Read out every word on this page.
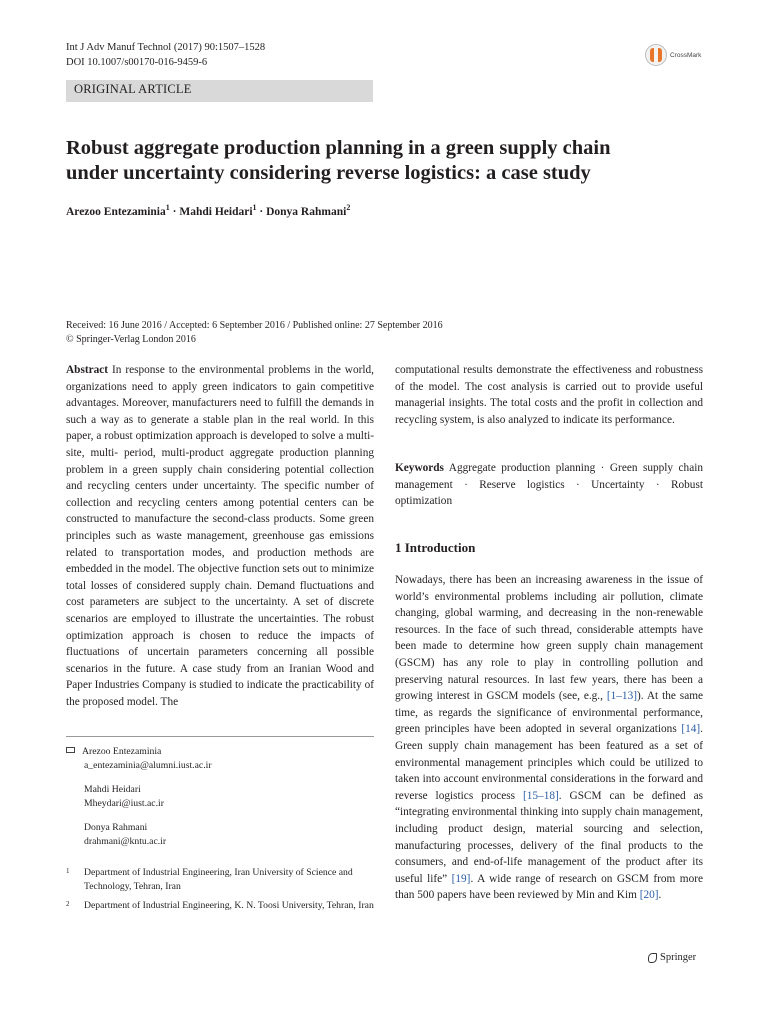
Int J Adv Manuf Technol (2017) 90:1507–1528
DOI 10.1007/s00170-016-9459-6
CrossMark
ORIGINAL ARTICLE
Robust aggregate production planning in a green supply chain
under uncertainty considering reverse logistics: a case study
Arezoo Entezaminia$^1$ · Mahdi Heidari$^1$ · Donya Rahmani$^2$
Received: 16 June 2016 / Accepted: 6 September 2016 / Published online: 27 September 2016
© Springer-Verlag London 2016

Abstract In response to the environmental problems in the world, organizations need to apply green indicators to gain competitive advantages. Moreover, manufacturers need to fulfill the demands in such a way as to generate a stable plan in the real world. In this paper, a robust optimization approach is developed to solve a multi-site, multi- period, multi-product aggregate production planning problem in a green supply chain considering potential collection and recycling centers under uncertainty. The specific number of collection and recycling centers among potential centers can be constructed to manufacture the second-class products. Some green principles such as waste management, greenhouse gas emissions related to transportation modes, and production methods are embedded in the model. The objective function sets out to minimize total losses of considered supply chain. Demand fluctuations and cost parameters are subject to the uncertainty. A set of discrete scenarios are employed to illustrate the uncertainties. The robust optimization approach is chosen to reduce the impacts of fluctuations of uncertain parameters concerning all possible scenarios in the future. A case study from an Iranian Wood and Paper Industries Company is studied to indicate the practicability of the proposed model. The

computational results demonstrate the effectiveness and robustness of the model. The cost analysis is carried out to provide useful managerial insights. The total costs and the profit in collection and recycling system, is also analyzed to indicate its performance.

Keywords Aggregate production planning · Green supply chain management · Reserve logistics · Uncertainty · Robust optimization

1 Introduction

Nowadays, there has been an increasing awareness in the issue of world’s environmental problems including air pollution, climate changing, global warming, and decreasing in the non-renewable resources. In the face of such thread, considerable attempts have been made to determine how green supply chain management (GSCM) has any role to play in controlling pollution and preserving natural resources. In last few years, there has been a growing interest in GSCM models (see, e.g., [1–13]). At the same time, as regards the significance of environmental performance, green principles have been adopted in several organizations [14]. Green supply chain management has been featured as a set of environmental management principles which could be utilized to taken into account environmental considerations in the forward and reverse logistics process [15–18]. GSCM can be defined as “integrating environmental thinking into supply chain management, including product design, material sourcing and selection, manufacturing processes, delivery of the final products to the consumers, and end-of-life management of the product after its useful life” [19]. A wide range of research on GSCM from more than 500 papers have been reviewed by Min and Kim [20].

Arezoo Entezaminia
a_entezaminia@alumni.iust.ac.ir
Mahdi Heidari
Mheydari@iust.ac.ir
Donya Rahmani
drahmani@kntu.ac.ir
1	Department of Industrial Engineering, Iran University of Science and Technology, Tehran, Iran
2	Department of Industrial Engineering, K. N. Toosi University, Tehran, Iran
Springer
